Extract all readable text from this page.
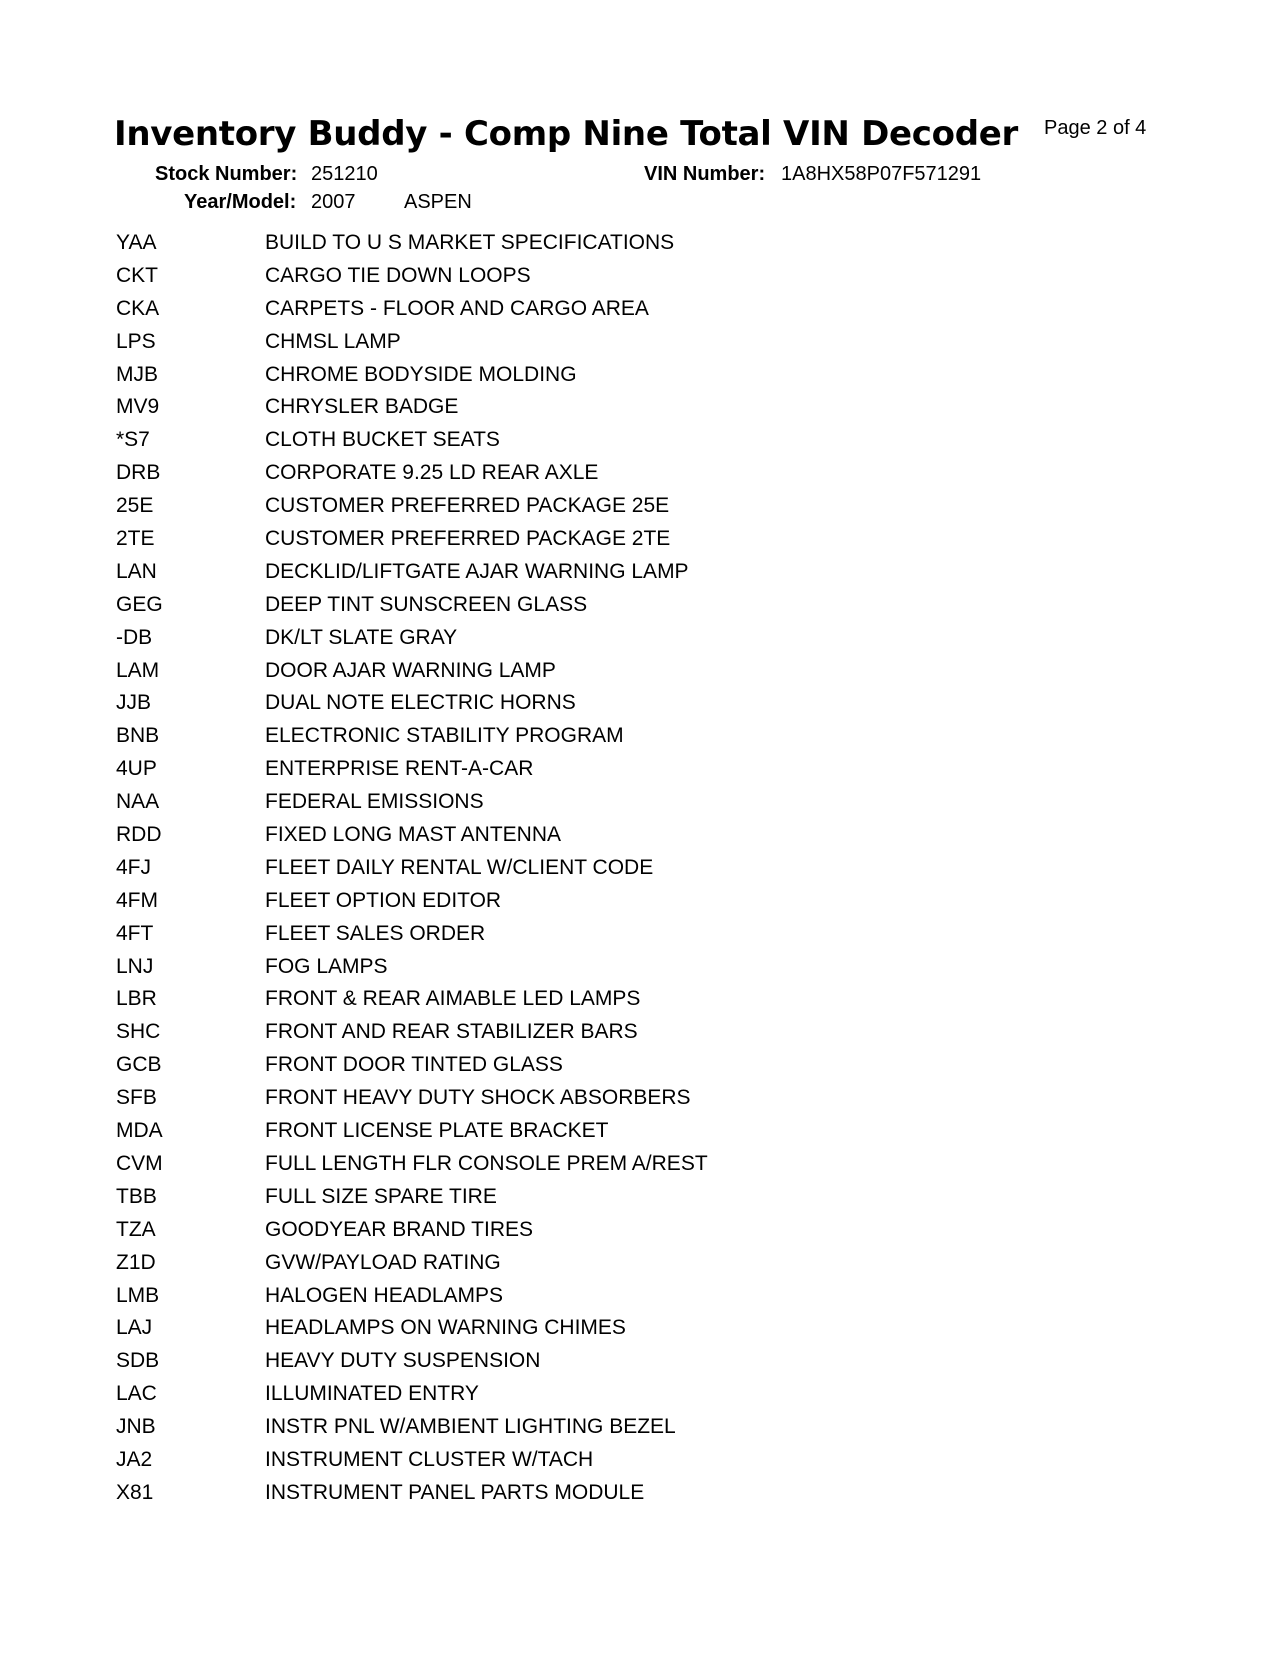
Inventory Buddy - Comp Nine Total VIN Decoder Page 2 of 4
Stock Number: 251210	VIN Number: 1A8HX58P07F571291
Year/Model: 2007 ASPEN
YAA	BUILD TO U S MARKET SPECIFICATIONS
CKT	CARGO TIE DOWN LOOPS
CKA	CARPETS - FLOOR AND CARGO AREA
LPS	CHMSL LAMP
MJB	CHROME BODYSIDE MOLDING
MV9	CHRYSLER BADGE
*S7	CLOTH BUCKET SEATS
DRB	CORPORATE 9.25 LD REAR AXLE
25E	CUSTOMER PREFERRED PACKAGE 25E
2TE	CUSTOMER PREFERRED PACKAGE 2TE
LAN	DECKLID/LIFTGATE AJAR WARNING LAMP
GEG	DEEP TINT SUNSCREEN GLASS
-DB	DK/LT SLATE GRAY
LAM	DOOR AJAR WARNING LAMP
JJB	DUAL NOTE ELECTRIC HORNS
BNB	ELECTRONIC STABILITY PROGRAM
4UP	ENTERPRISE RENT-A-CAR
NAA	FEDERAL EMISSIONS
RDD	FIXED LONG MAST ANTENNA
4FJ	FLEET DAILY RENTAL W/CLIENT CODE
4FM	FLEET OPTION EDITOR
4FT	FLEET SALES ORDER
LNJ	FOG LAMPS
LBR	FRONT & REAR AIMABLE LED LAMPS
SHC	FRONT AND REAR STABILIZER BARS
GCB	FRONT DOOR TINTED GLASS
SFB	FRONT HEAVY DUTY SHOCK ABSORBERS
MDA	FRONT LICENSE PLATE BRACKET
CVM	FULL LENGTH FLR CONSOLE PREM A/REST
TBB	FULL SIZE SPARE TIRE
TZA	GOODYEAR BRAND TIRES
Z1D	GVW/PAYLOAD RATING
LMB	HALOGEN HEADLAMPS
LAJ	HEADLAMPS ON WARNING CHIMES
SDB	HEAVY DUTY SUSPENSION
LAC	ILLUMINATED ENTRY
JNB	INSTR PNL W/AMBIENT LIGHTING BEZEL
JA2	INSTRUMENT CLUSTER W/TACH
X81	INSTRUMENT PANEL PARTS MODULE
